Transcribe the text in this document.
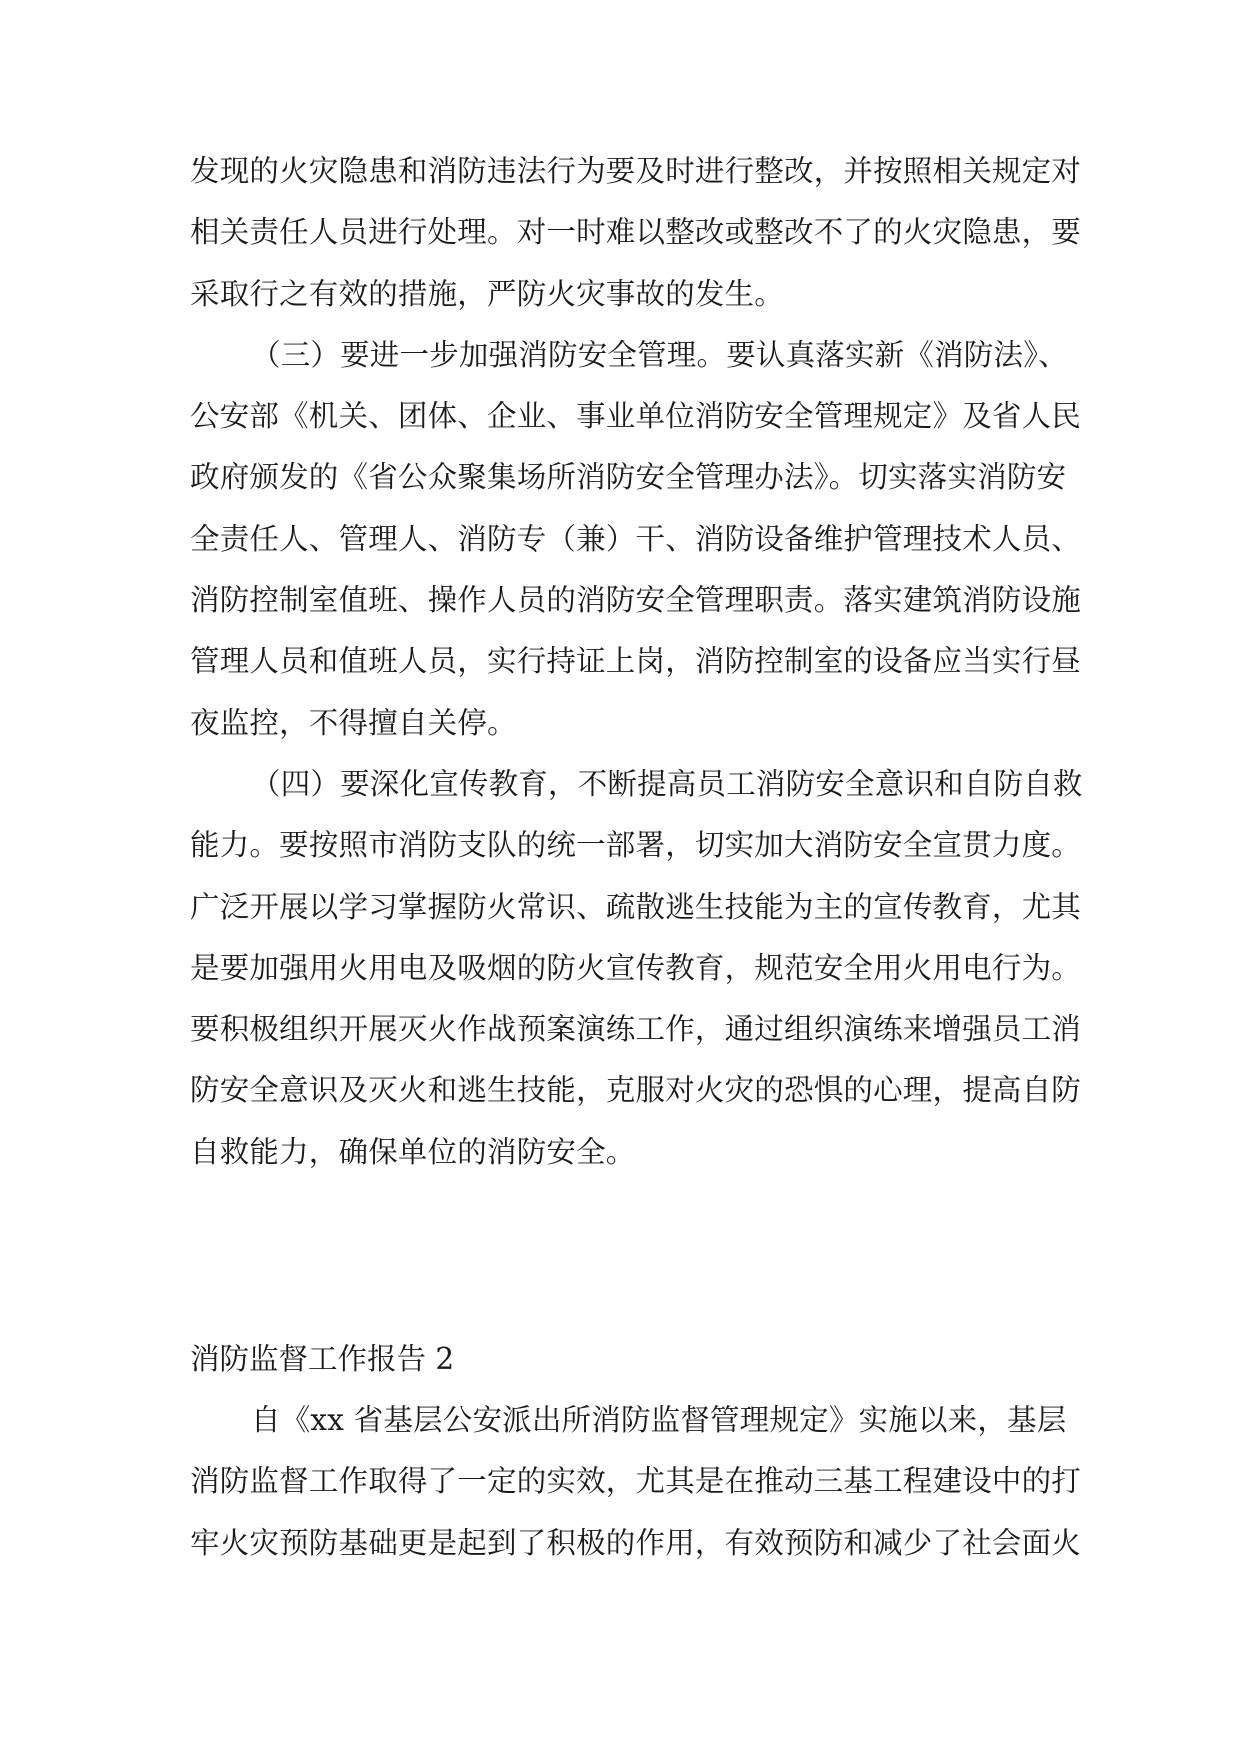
发现的火灾隐患和消防违法行为要及时进行整改，并按照相关规定对
相关责任人员进行处理。对一时难以整改或整改不了的火灾隐患，要
采取行之有效的措施，严防火灾事故的发生。
（三）要进一步加强消防安全管理。要认真落实新《消防法》、
公安部《机关、团体、企业、事业单位消防安全管理规定》及省人民
政府颁发的《省公众聚集场所消防安全管理办法》。切实落实消防安
全责任人、管理人、消防专（兼）干、消防设备维护管理技术人员、
消防控制室值班、操作人员的消防安全管理职责。落实建筑消防设施
管理人员和值班人员，实行持证上岗，消防控制室的设备应当实行昼
夜监控，不得擅自关停。
（四）要深化宣传教育，不断提高员工消防安全意识和自防自救
能力。要按照市消防支队的统一部署，切实加大消防安全宣贯力度。
广泛开展以学习掌握防火常识、疏散逃生技能为主的宣传教育，尤其
是要加强用火用电及吸烟的防火宣传教育，规范安全用火用电行为。
要积极组织开展灭火作战预案演练工作，通过组织演练来增强员工消
防安全意识及灭火和逃生技能，克服对火灾的恐惧的心理，提高自防
自救能力，确保单位的消防安全。
消防监督工作报告 2
自《xx 省基层公安派出所消防监督管理规定》实施以来，基层
消防监督工作取得了一定的实效，尤其是在推动三基工程建设中的打
牢火灾预防基础更是起到了积极的作用，有效预防和减少了社会面火
